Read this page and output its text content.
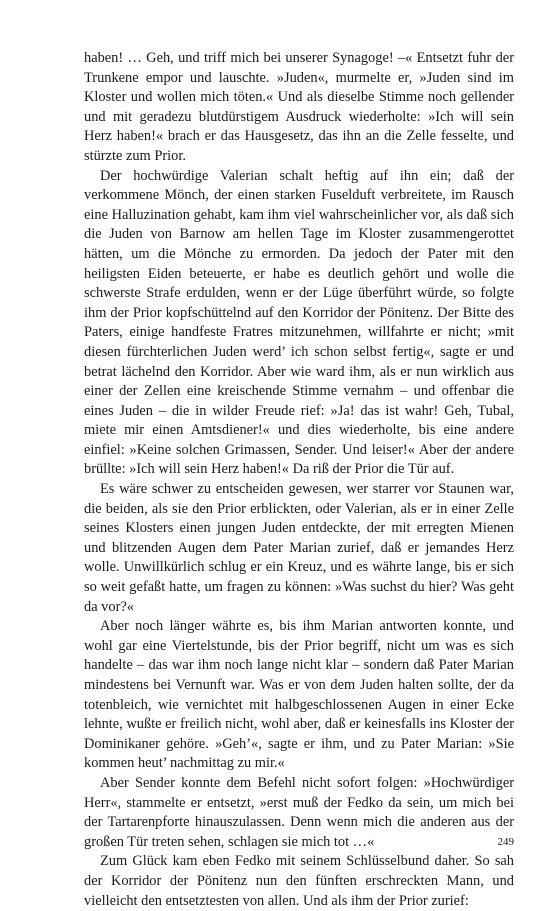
haben! … Geh, und triff mich bei unserer Synagoge! –« Entsetzt fuhr der Trunkene empor und lauschte. »Juden«, murmelte er, »Juden sind im Kloster und wollen mich töten.« Und als dieselbe Stimme noch gellender und mit geradezu blutdürstigem Ausdruck wiederholte: »Ich will sein Herz haben!« brach er das Hausgesetz, das ihn an die Zelle fesselte, und stürzte zum Prior.

Der hochwürdige Valerian schalt heftig auf ihn ein; daß der verkommene Mönch, der einen starken Fuselduft verbreitete, im Rausch eine Halluzination gehabt, kam ihm viel wahrscheinlicher vor, als daß sich die Juden von Barnow am hellen Tage im Kloster zusammengerottet hätten, um die Mönche zu ermorden. Da jedoch der Pater mit den heiligsten Eiden beteuerte, er habe es deutlich gehört und wolle die schwerste Strafe erdulden, wenn er der Lüge überführt würde, so folgte ihm der Prior kopfschüttelnd auf den Korridor der Pönitenz. Der Bitte des Paters, einige handfeste Fratres mitzunehmen, willfahrte er nicht; »mit diesen fürchterlichen Juden werd’ ich schon selbst fertig«, sagte er und betrat lächelnd den Korridor. Aber wie ward ihm, als er nun wirklich aus einer der Zellen eine kreischende Stimme vernahm – und offenbar die eines Juden – die in wilder Freude rief: »Ja! das ist wahr! Geh, Tubal, miete mir einen Amtsdiener!« und dies wiederholte, bis eine andere einfiel: »Keine solchen Grimassen, Sender. Und leiser!« Aber der andere brüllte: »Ich will sein Herz haben!« Da riß der Prior die Tür auf.

Es wäre schwer zu entscheiden gewesen, wer starrer vor Staunen war, die beiden, als sie den Prior erblickten, oder Valerian, als er in einer Zelle seines Klosters einen jungen Juden entdeckte, der mit erregten Mienen und blitzenden Augen dem Pater Marian zurief, daß er jemandes Herz wolle. Unwillkürlich schlug er ein Kreuz, und es währte lange, bis er sich so weit gefaßt hatte, um fragen zu können: »Was suchst du hier? Was geht da vor?«

Aber noch länger währte es, bis ihm Marian antworten konnte, und wohl gar eine Viertelstunde, bis der Prior begriff, nicht um was es sich handelte – das war ihm noch lange nicht klar – sondern daß Pater Marian mindestens bei Vernunft war. Was er von dem Juden halten sollte, der da totenbleich, wie vernichtet mit halbgeschlossenen Augen in einer Ecke lehnte, wußte er freilich nicht, wohl aber, daß er keinesfalls ins Kloster der Dominikaner gehöre. »Geh’«, sagte er ihm, und zu Pater Marian: »Sie kommen heut’ nachmittag zu mir.«

Aber Sender konnte dem Befehl nicht sofort folgen: »Hochwürdiger Herr«, stammelte er entsetzt, »erst muß der Fedko da sein, um mich bei der Tartarenpforte hinauszulassen. Denn wenn mich die anderen aus der großen Tür treten sehen, schlagen sie mich tot …«

Zum Glück kam eben Fedko mit seinem Schlüsselbund daher. So sah der Korridor der Pönitenz nun den fünften erschreckten Mann, und vielleicht den entsetztesten von allen. Und als ihm der Prior zurief:

249
